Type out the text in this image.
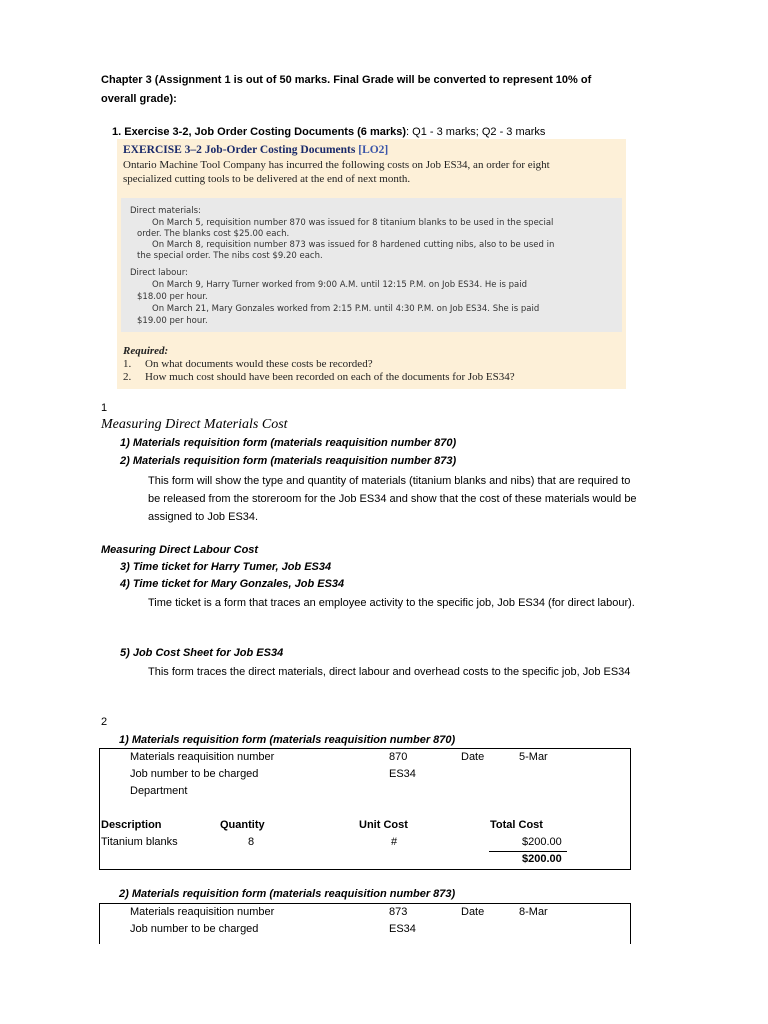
Chapter 3 (Assignment 1 is out of 50 marks. Final Grade will be converted to represent 10% of
overall grade):
1. Exercise 3-2, Job Order Costing Documents (6 marks): Q1 - 3 marks; Q2 - 3 marks
EXERCISE 3–2 Job-Order Costing Documents [LO2]
Ontario Machine Tool Company has incurred the following costs on Job ES34, an order for eight
specialized cutting tools to be delivered at the end of next month.
Direct materials:
On March 5, requisition number 870 was issued for 8 titanium blanks to be used in the special
order. The blanks cost $25.00 each.
On March 8, requisition number 873 was issued for 8 hardened cutting nibs, also to be used in
the special order. The nibs cost $9.20 each.
Direct labour:
On March 9, Harry Turner worked from 9:00 A.M. until 12:15 P.M. on Job ES34. He is paid
$18.00 per hour.
On March 21, Mary Gonzales worked from 2:15 P.M. until 4:30 P.M. on Job ES34. She is paid
$19.00 per hour.
Required:
1. On what documents would these costs be recorded?
2. How much cost should have been recorded on each of the documents for Job ES34?
1
Measuring Direct Materials Cost
1) Materials requisition form (materials reaquisition number 870)
2) Materials requisition form (materials reaquisition number 873)
This form will show the type and quantity of materials (titanium blanks and nibs) that are required to be released from the storeroom for the Job ES34 and show that the cost of these materials would be assigned to Job ES34.
Measuring Direct Labour Cost
3) Time ticket for Harry Tumer, Job ES34
4) Time ticket for Mary Gonzales, Job ES34
Time ticket is a form that traces an employee activity to the specific job, Job ES34 (for direct labour).
5) Job Cost Sheet for Job ES34
This form traces the direct materials, direct labour and overhead costs to the specific job, Job ES34
2
1) Materials requisition form (materials reaquisition number 870)
Materials reaquisition number	870	Date	5-Mar
Job number to be charged	ES34
Department
Description	Quantity	Unit Cost	Total Cost
Titanium blanks	8	#	$200.00
$200.00
2) Materials requisition form (materials reaquisition number 873)
Materials reaquisition number	873	Date	8-Mar
Job number to be charged	ES34
